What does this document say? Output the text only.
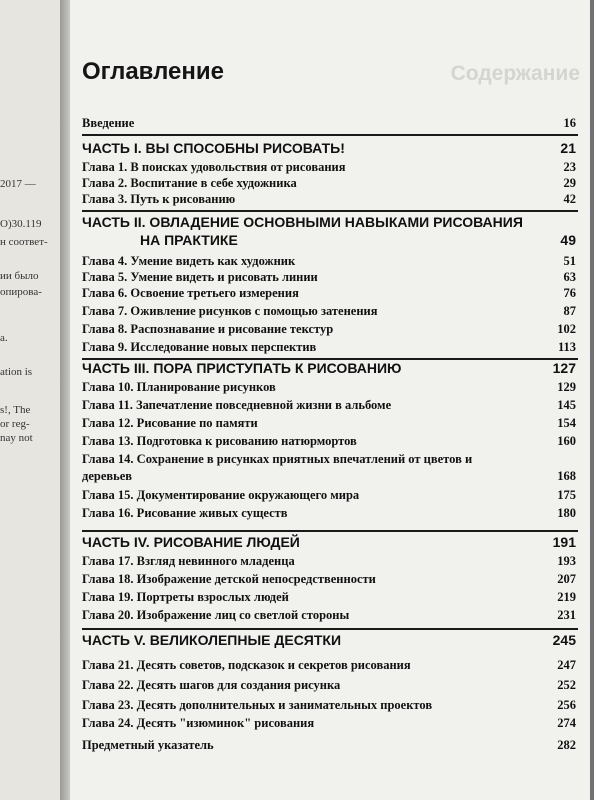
2017 —
О)30.119
н соответ-
ии было
опирова-
a.
ation is
s!, The
or reg-
nay not
Содержание
Оглавление
Введение	16
ЧАСТЬ I. ВЫ СПОСОБНЫ РИСОВАТЬ!	21
Глава 1. В поисках удовольствия от рисования	23
Глава 2. Воспитание в себе художника	29
Глава 3. Путь к рисованию	42
ЧАСТЬ II. ОВЛАДЕНИЕ ОСНОВНЫМИ НАВЫКАМИ РИСОВАНИЯ
НА ПРАКТИКЕ	49
Глава 4. Умение видеть как художник	51
Глава 5. Умение видеть и рисовать линии	63
Глава 6. Освоение третьего измерения	76
Глава 7. Оживление рисунков с помощью затенения	87
Глава 8. Распознавание и рисование текстур	102
Глава 9. Исследование новых перспектив	113
ЧАСТЬ III. ПОРА ПРИСТУПАТЬ К РИСОВАНИЮ	127
Глава 10. Планирование рисунков	129
Глава 11. Запечатление повседневной жизни в альбоме	145
Глава 12. Рисование по памяти	154
Глава 13. Подготовка к рисованию натюрмортов	160
Глава 14. Сохранение в рисунках приятных впечатлений от цветов и
деревьев	168
Глава 15. Документирование окружающего мира	175
Глава 16. Рисование живых существ	180
ЧАСТЬ IV. РИСОВАНИЕ ЛЮДЕЙ	191
Глава 17. Взгляд невинного младенца	193
Глава 18. Изображение детской непосредственности	207
Глава 19. Портреты взрослых людей	219
Глава 20. Изображение лиц со светлой стороны	231
ЧАСТЬ V. ВЕЛИКОЛЕПНЫЕ ДЕСЯТКИ	245
Глава 21. Десять советов, подсказок и секретов рисования	247
Глава 22. Десять шагов для создания рисунка	252
Глава 23. Десять дополнительных и занимательных проектов	256
Глава 24. Десять "изюминок" рисования	274
Предметный указатель	282
